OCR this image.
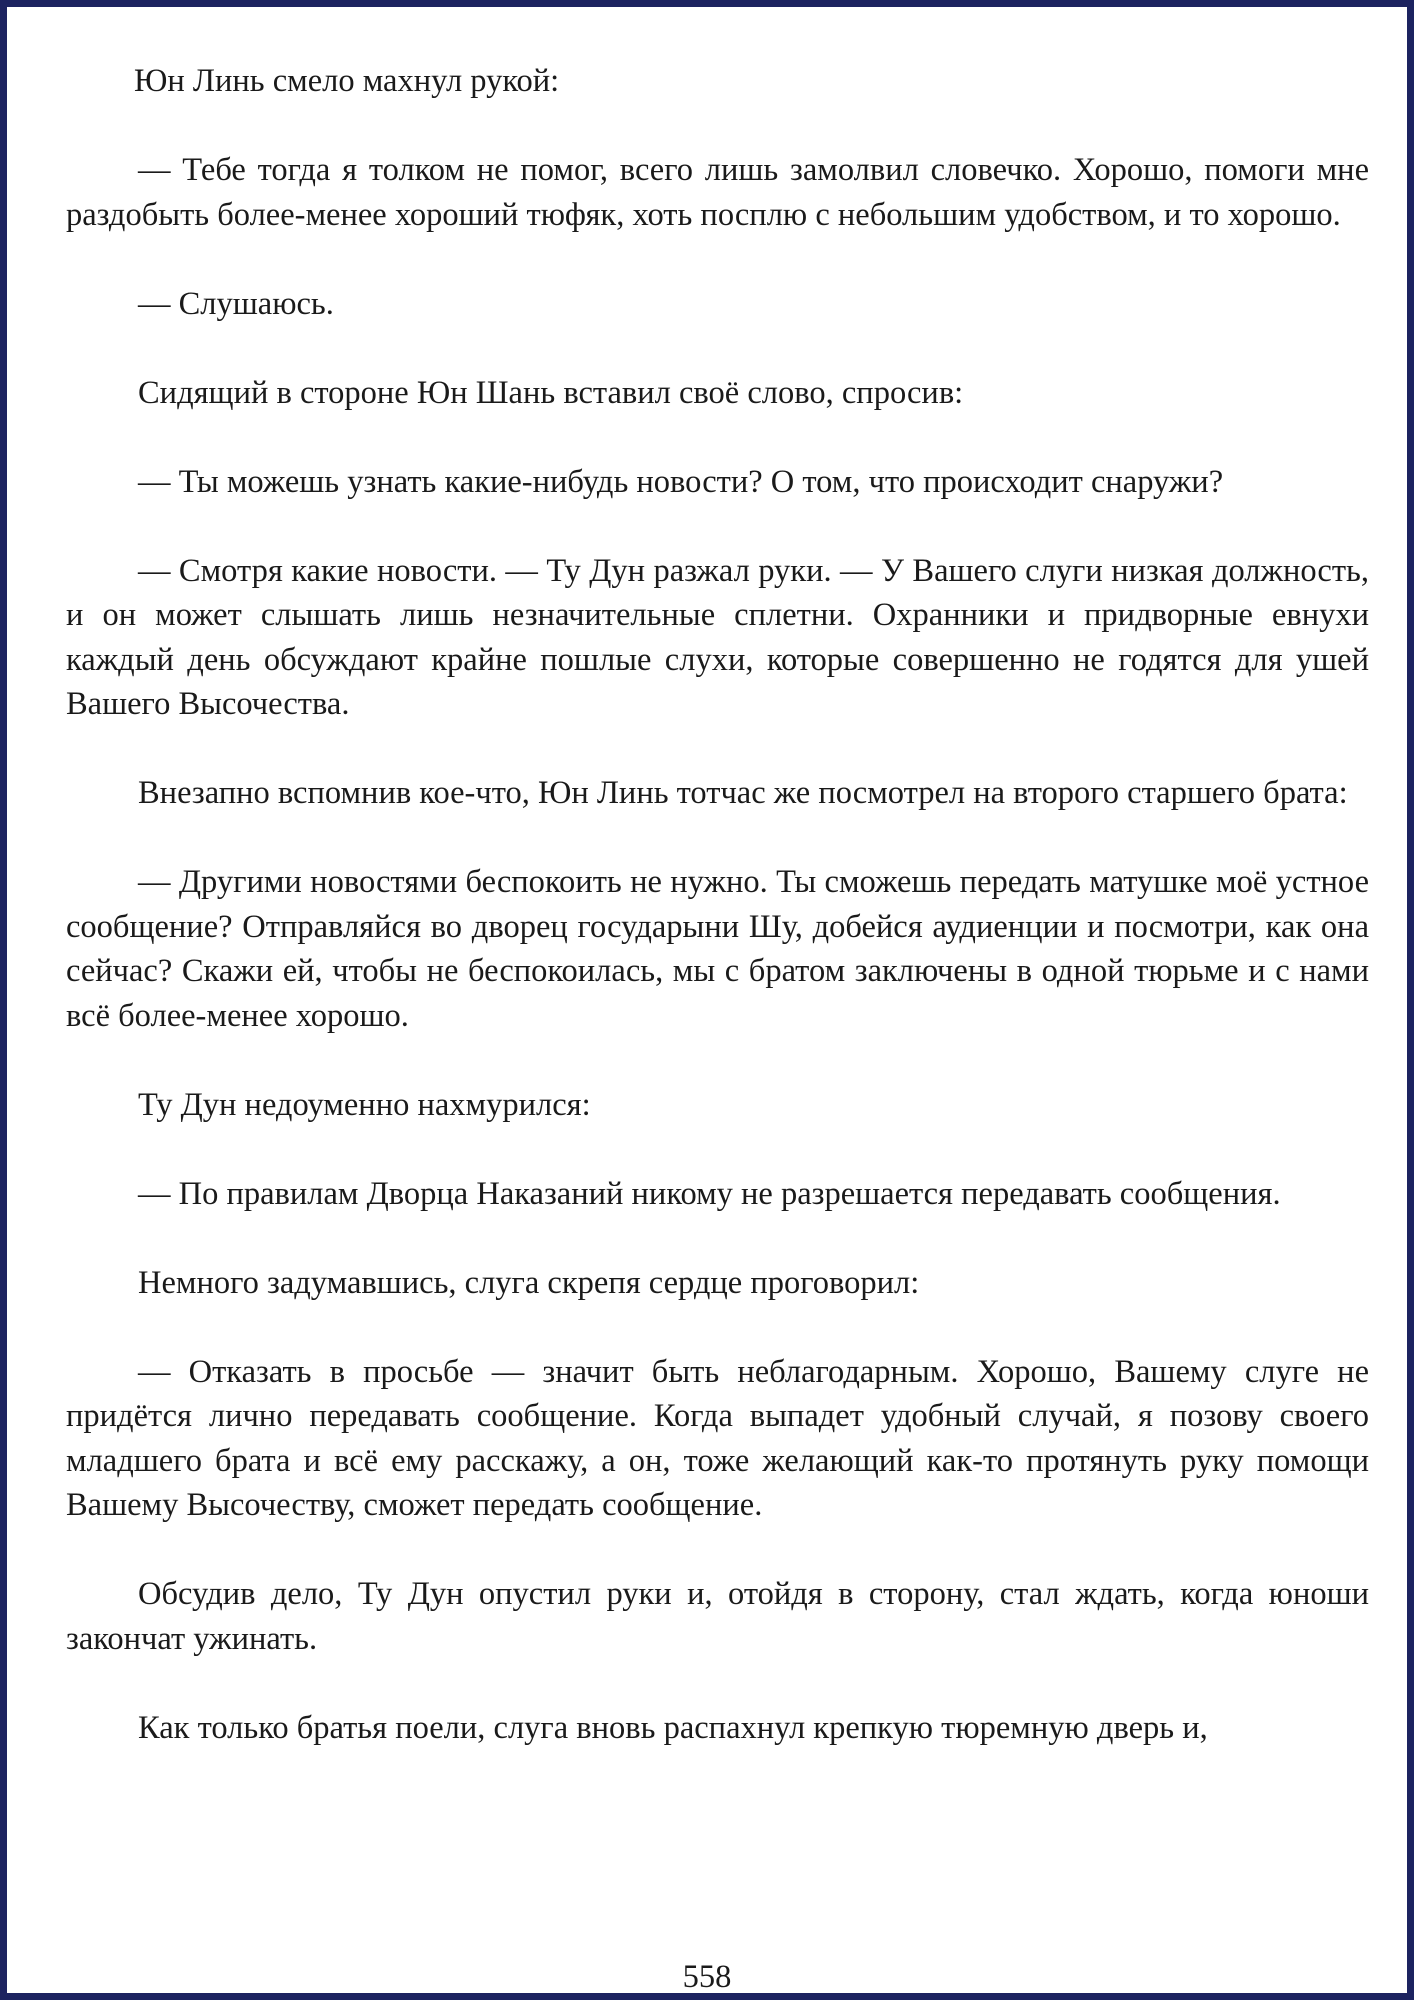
Юн Линь смело махнул рукой:

— Тебе тогда я толком не помог, всего лишь замолвил словечко. Хорошо, помоги мне раздобыть более-менее хороший тюфяк, хоть посплю с небольшим удобством, и то хорошо.

— Слушаюсь.

Сидящий в стороне Юн Шань вставил своё слово, спросив:

— Ты можешь узнать какие-нибудь новости? О том, что происходит снаружи?

— Смотря какие новости. — Ту Дун разжал руки. — У Вашего слуги низкая должность, и он может слышать лишь незначительные сплетни. Охранники и придворные евнухи каждый день обсуждают крайне пошлые слухи, которые совершенно не годятся для ушей Вашего Высочества.

Внезапно вспомнив кое-что, Юн Линь тотчас же посмотрел на второго старшего брата:

— Другими новостями беспокоить не нужно. Ты сможешь передать матушке моё устное сообщение? Отправляйся во дворец государыни Шу, добейся аудиенции и посмотри, как она сейчас? Скажи ей, чтобы не беспокоилась, мы с братом заключены в одной тюрьме и с нами всё более-менее хорошо.

Ту Дун недоуменно нахмурился:

— По правилам Дворца Наказаний никому не разрешается передавать сообщения.

Немного задумавшись, слуга скрепя сердце проговорил:

— Отказать в просьбе — значит быть неблагодарным. Хорошо, Вашему слуге не придётся лично передавать сообщение. Когда выпадет удобный случай, я позову своего младшего брата и всё ему расскажу, а он, тоже желающий как-то протянуть руку помощи Вашему Высочеству, сможет передать сообщение.

Обсудив дело, Ту Дун опустил руки и, отойдя в сторону, стал ждать, когда юноши закончат ужинать.

Как только братья поели, слуга вновь распахнул крепкую тюремную дверь и,

558
